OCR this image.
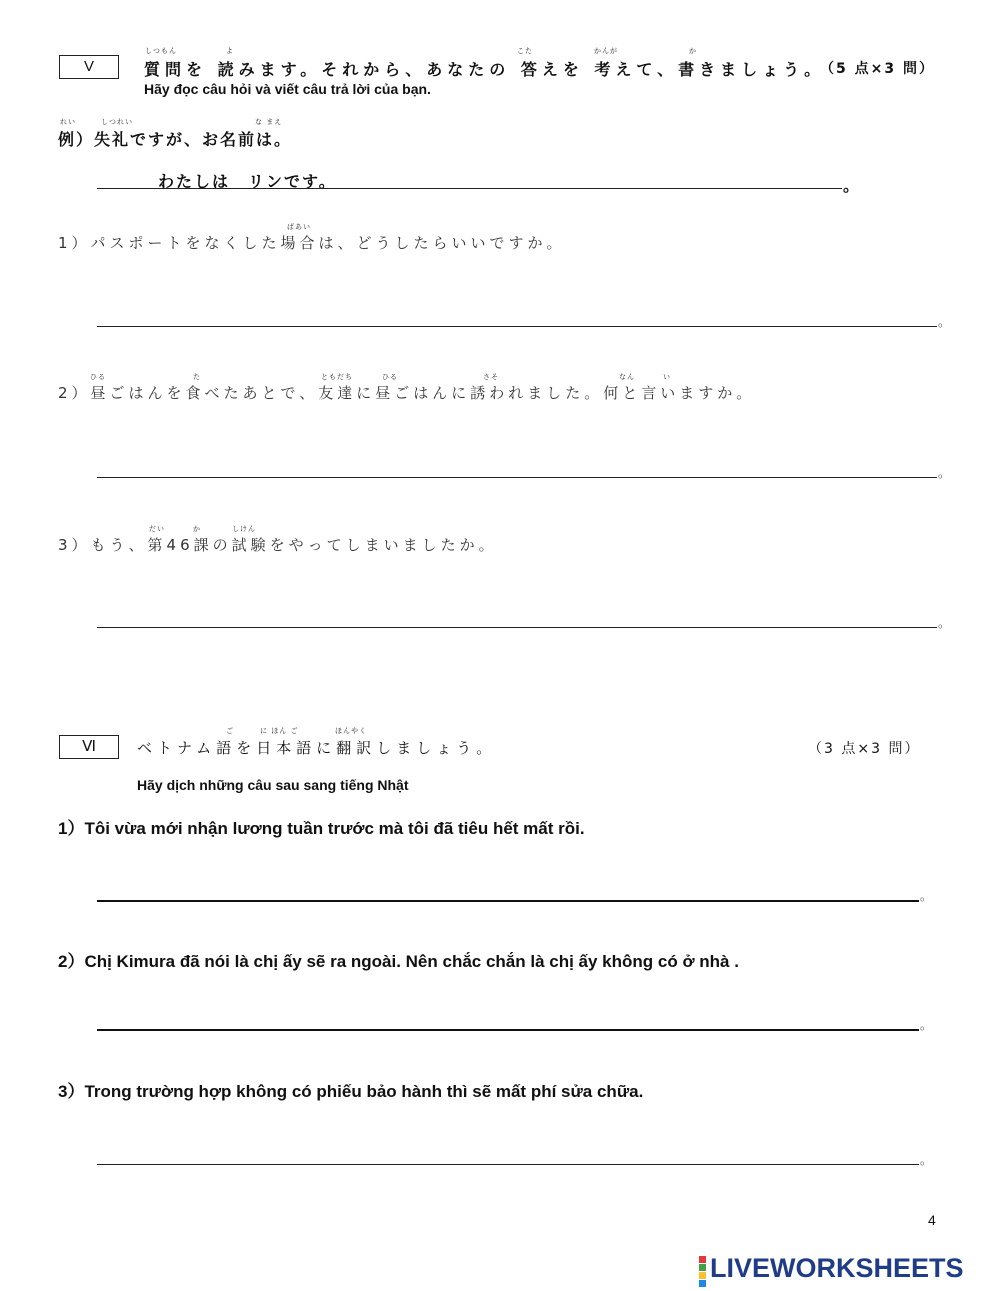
V
しつもん	よ	こた	かんが	か
質問を 読みます。それから、あなたの 答えを 考えて、書きましょう。
（5 点×3 問）
Hãy đọc câu hỏi và viết câu trả lời của bạn.
れい	しつれい	な まえ
例）失礼ですが、お名前は。
わたしは　リンです。	。
ばあい
1）パスポートをなくした場合は、どうしたらいいですか。
。
ひる	た	ともだち	ひる	さそ	なん	い
2）昼ごはんを食べたあとで、友達に昼ごはんに誘われました。何と言いますか。
。
だい	か	しけん
3）もう、第46課の試験をやってしまいましたか。
。
Ⅵ
ご	に ほん ご	ほんやく
ベトナム語を日本語に翻訳しましょう。	（3 点×3 問）
Hãy dịch những câu sau sang tiếng Nhật
1）Tôi vừa mới nhận lương tuần trước mà tôi đã tiêu hết mất rồi.
。
2）Chị Kimura đã nói là chị ấy sẽ ra ngoài. Nên chắc chắn là chị ấy không có ở nhà .
。
3）Trong trường hợp không có phiếu bảo hành thì sẽ mất phí sửa chữa.
。
4
LIVEWORKSHEETS
